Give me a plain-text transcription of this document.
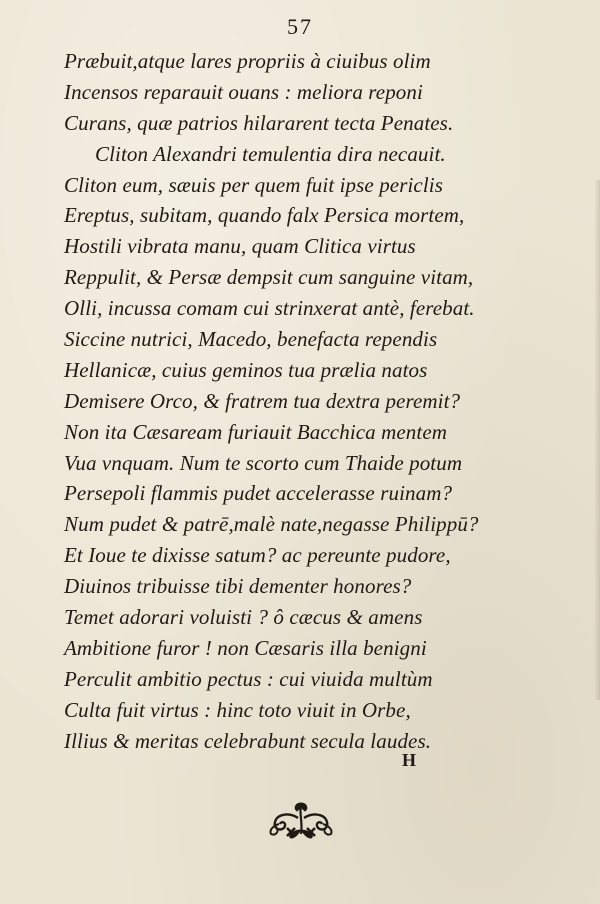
57
Præbuit,atque lares propriis à ciuibus olim
Incensos reparauit ouans : meliora reponi
Curans, quæ patrios hilararent tecta Penates.
Cliton Alexandri temulentia dira necauit.
Cliton eum, sæuis per quem fuit ipse periclis
Ereptus, subitam, quando falx Persica mortem,
Hostili vibrata manu, quam Clitica virtus
Reppulit, & Persæ dempsit cum sanguine vitam,
Olli, incussa comam cui strinxerat antè, ferebat.
Siccine nutrici, Macedo, benefacta rependis
Hellanicæ, cuius geminos tua prælia natos
Demisere Orco, & fratrem tua dextra peremit?
Non ita Cæsaream furiauit Bacchica mentem
Vua vnquam. Num te scorto cum Thaide potum
Persepoli flammis pudet accelerasse ruinam?
Num pudet & patrē,malè nate,negasse Philippū?
Et Ioue te dixisse satum? ac pereunte pudore,
Diuinos tribuisse tibi dementer honores?
Temet adorari voluisti ? ô cæcus & amens
Ambitione furor ! non Cæsaris illa benigni
Perculit ambitio pectus : cui viuida multùm
Culta fuit virtus : hinc toto viuit in Orbe,
Illius & meritas celebrabunt secula laudes.
H
